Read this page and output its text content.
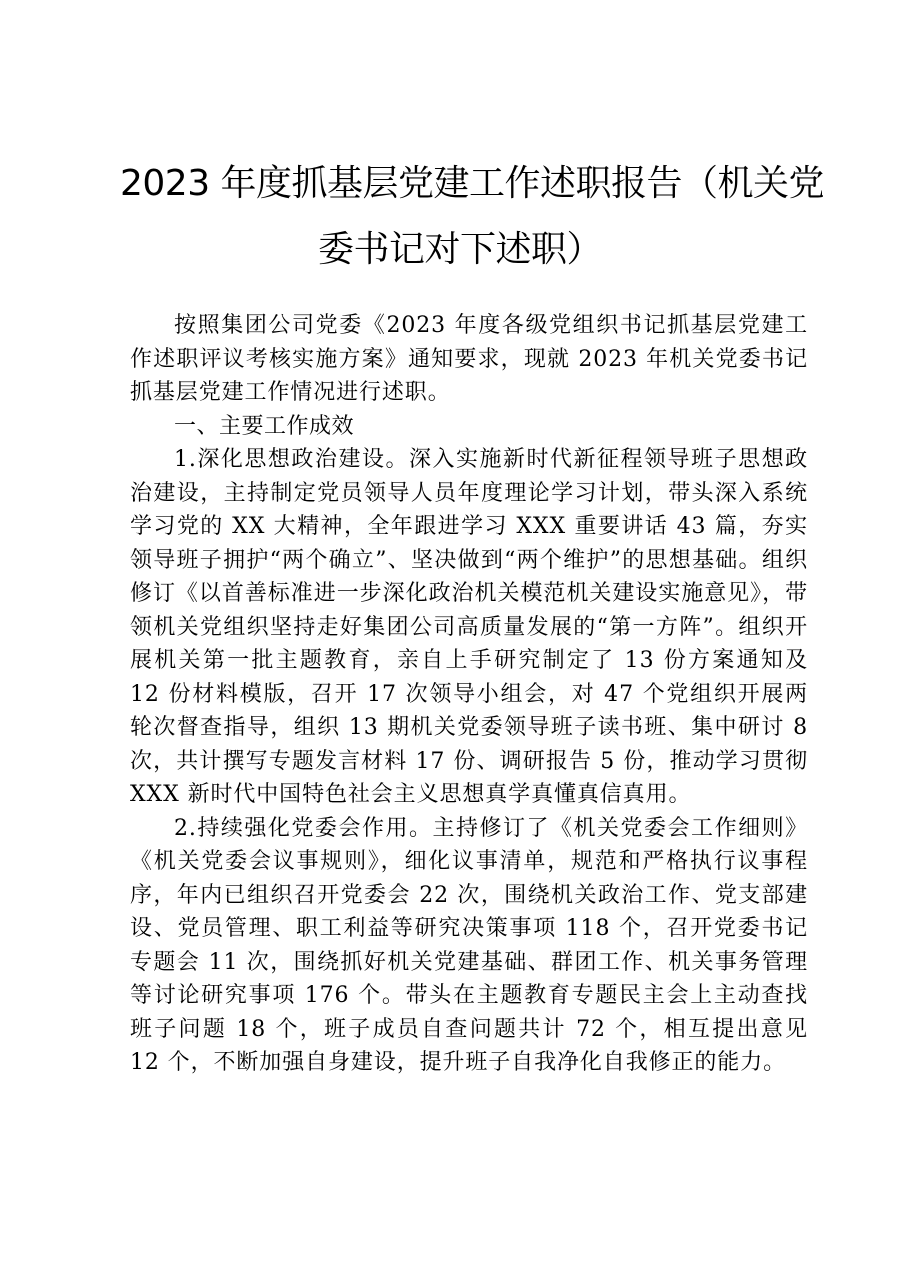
2023 年度抓基层党建工作述职报告（机关党
委书记对下述职）

按照集团公司党委《2023 年度各级党组织书记抓基层党建工作述职评议考核实施方案》通知要求，现就 2023 年机关党委书记抓基层党建工作情况进行述职。

一、主要工作成效

1.深化思想政治建设。深入实施新时代新征程领导班子思想政治建设，主持制定党员领导人员年度理论学习计划，带头深入系统学习党的 XX 大精神，全年跟进学习 XXX 重要讲话 43 篇，夯实领导班子拥护“两个确立”、坚决做到“两个维护”的思想基础。组织修订《以首善标准进一步深化政治机关模范机关建设实施意见》，带领机关党组织坚持走好集团公司高质量发展的“第一方阵”。组织开展机关第一批主题教育，亲自上手研究制定了 13 份方案通知及 12 份材料模版，召开 17 次领导小组会，对 47 个党组织开展两轮次督查指导，组织 13 期机关党委领导班子读书班、集中研讨 8 次，共计撰写专题发言材料 17 份、调研报告 5 份，推动学习贯彻 XXX 新时代中国特色社会主义思想真学真懂真信真用。

2.持续强化党委会作用。主持修订了《机关党委会工作细则》《机关党委会议事规则》，细化议事清单，规范和严格执行议事程序，年内已组织召开党委会 22 次，围绕机关政治工作、党支部建设、党员管理、职工利益等研究决策事项 118 个，召开党委书记专题会 11 次，围绕抓好机关党建基础、群团工作、机关事务管理等讨论研究事项 176 个。带头在主题教育专题民主会上主动查找班子问题 18 个，班子成员自查问题共计 72 个，相互提出意见 12 个，不断加强自身建设，提升班子自我净化自我修正的能力。
